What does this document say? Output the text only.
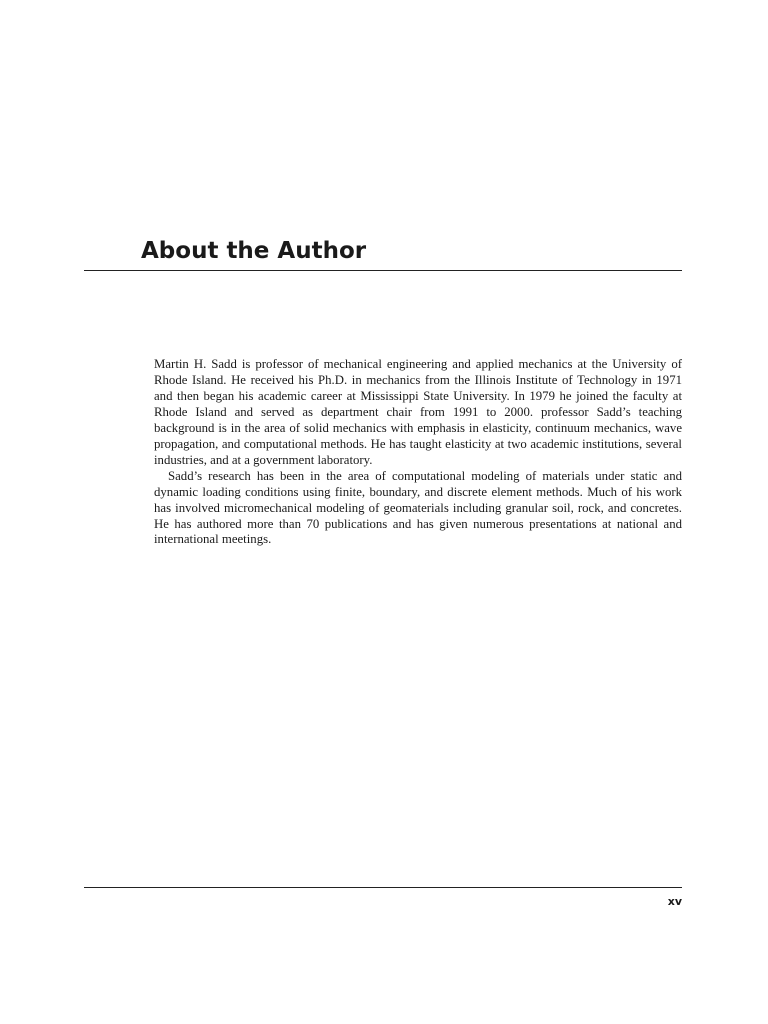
About the Author

Martin H. Sadd is professor of mechanical engineering and applied mechanics at the University of Rhode Island. He received his Ph.D. in mechanics from the Illinois Institute of Technology in 1971 and then began his academic career at Mississippi State University. In 1979 he joined the faculty at Rhode Island and served as department chair from 1991 to 2000. professor Sadd’s teaching background is in the area of solid mechanics with emphasis in elasticity, continuum mechanics, wave propagation, and computational methods. He has taught elasticity at two academic institutions, several industries, and at a government laboratory.

Sadd’s research has been in the area of computational modeling of materials under static and dynamic loading conditions using finite, boundary, and discrete element methods. Much of his work has involved micromechanical modeling of geomaterials including granular soil, rock, and concretes. He has authored more than 70 publications and has given numerous presentations at national and international meetings.

xv
